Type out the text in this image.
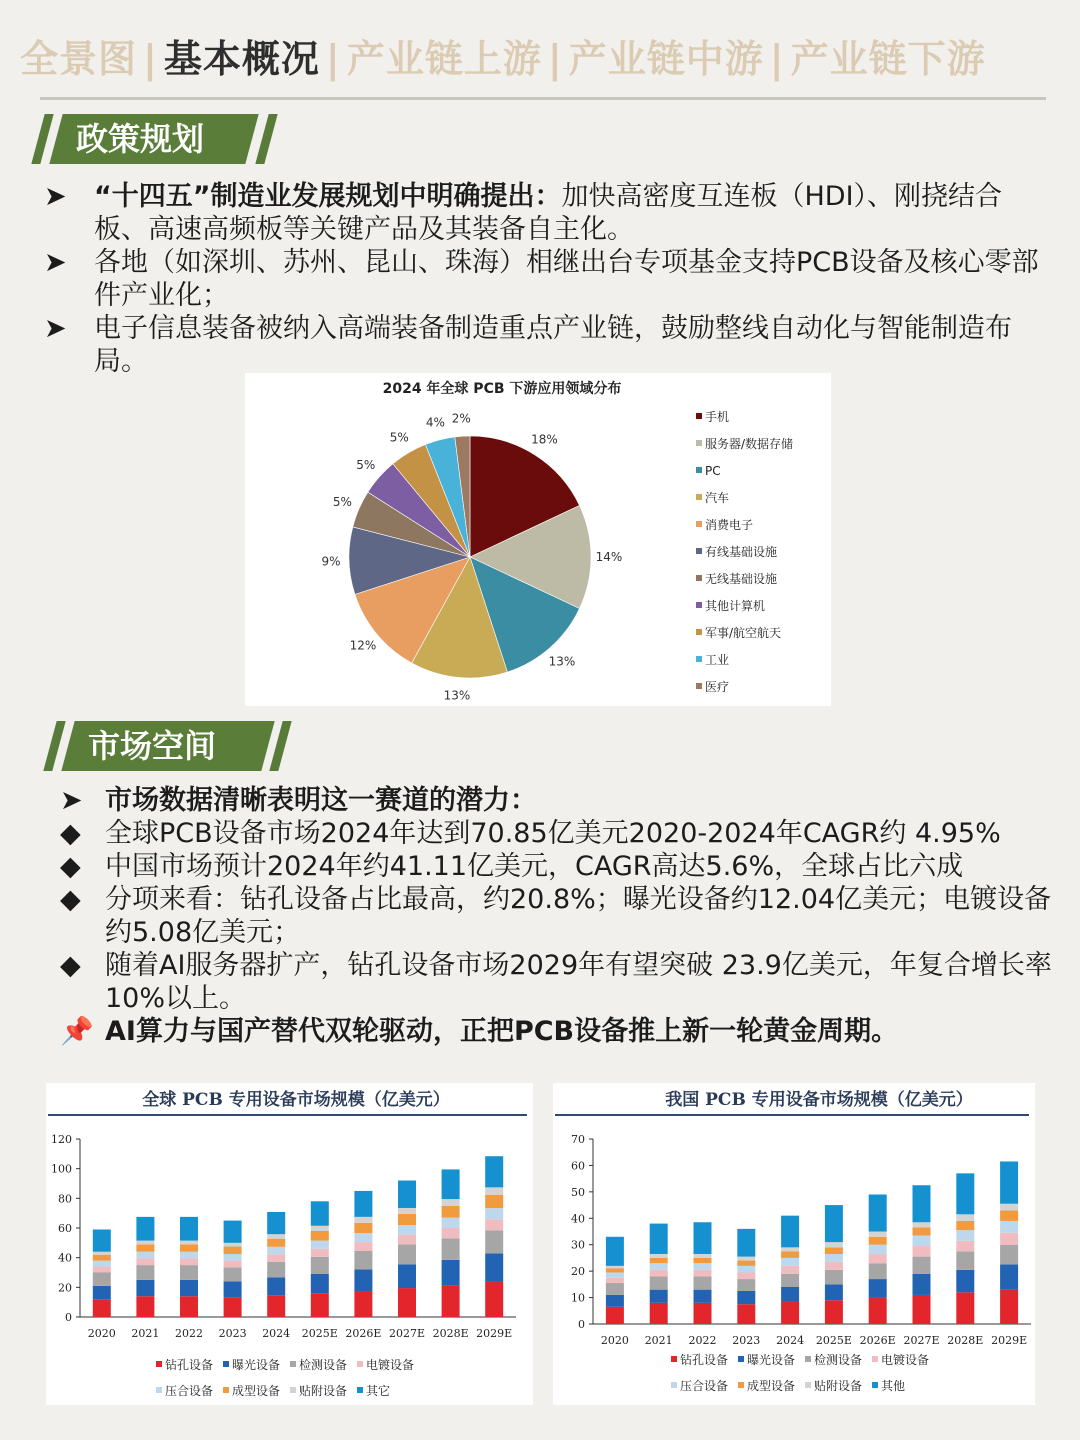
全景图 | 基本概况 | 产业链上游 | 产业链中游 | 产业链下游
政策规划
➤ “十四五”制造业发展规划中明确提出：加快高密度互连板（HDI）、刚挠结合板、高速高频板等关键产品及其装备自主化。
➤ 各地（如深圳、苏州、昆山、珠海）相继出台专项基金支持PCB设备及核心零部件产业化；
➤ 电子信息装备被纳入高端装备制造重点产业链，鼓励整线自动化与智能制造布局。
2024 年全球 PCB 下游应用领域分布
18%
14%
13%
13%
12%
9%
5%
5%
5%
4% 2%	手机
服务器/数据存储
PC
汽车
消费电子
有线基础设施
无线基础设施
其他计算机
军事/航空航天
工业
医疗
市场空间
➤ 市场数据清晰表明这一赛道的潜力：
◆ 全球PCB设备市场2024年达到70.85亿美元2020-2024年CAGR约 4.95%
◆ 中国市场预计2024年约41.11亿美元，CAGR高达5.6%，全球占比六成
◆ 分项来看：钻孔设备占比最高，约20.8%；曝光设备约12.04亿美元；电镀设备约5.08亿美元；
◆ 随着AI服务器扩产，钻孔设备市场2029年有望突破 23.9亿美元，年复合增长率 10%以上。
📌 AI算力与国产替代双轮驱动，正把PCB设备推上新一轮黄金周期。
全球 PCB 专用设备市场规模（亿美元）
0
20
40
60
80
100
120
2020 2021 2022 2023 2024 2025E 2026E 2027E 2028E 2029E
钻孔设备 曝光设备 检测设备 电镀设备
压合设备 成型设备 贴附设备 其它
我国 PCB 专用设备市场规模（亿美元）
0
10
20
30
40
50
60
70
2020 2021 2022 2023 2024 2025E 2026E 2027E 2028E 2029E
钻孔设备 曝光设备 检测设备 电镀设备
压合设备 成型设备 贴附设备 其他
